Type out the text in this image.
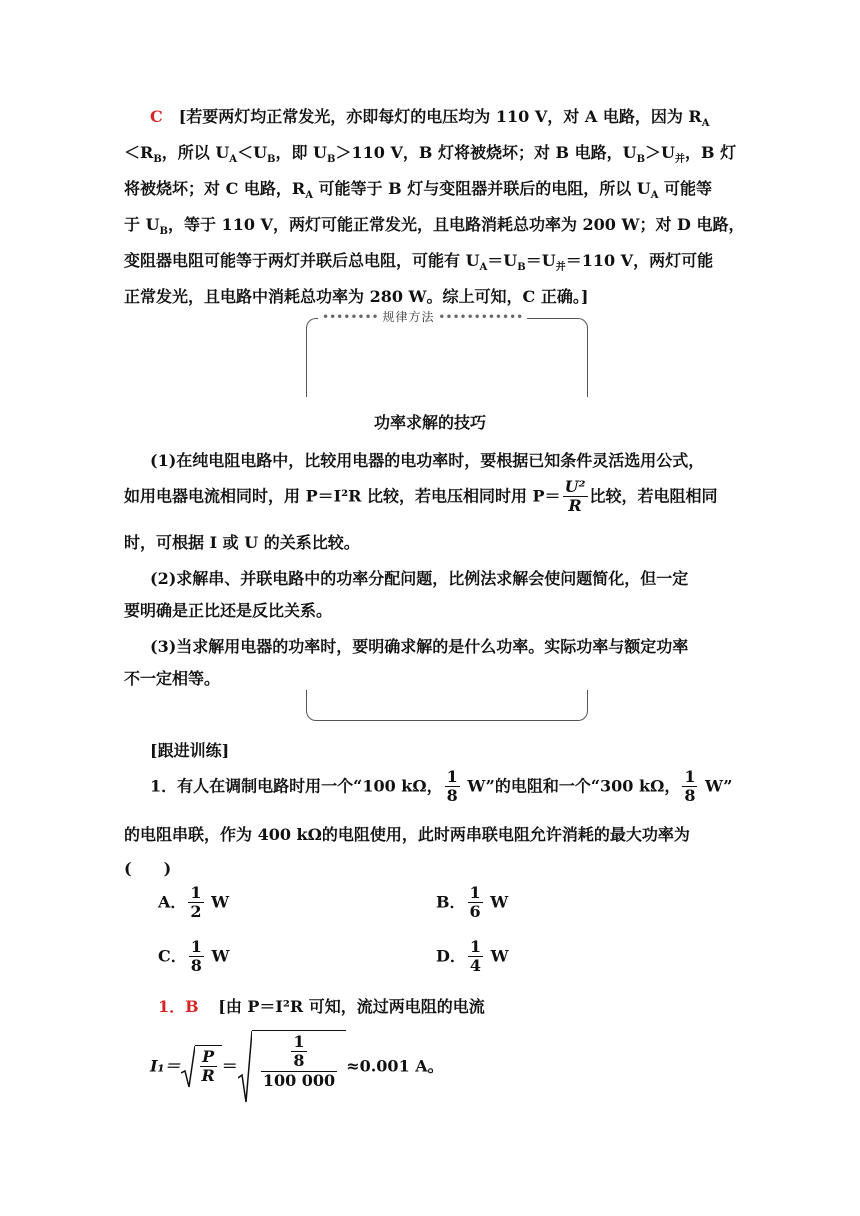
C　[若要两灯均正常发光，亦即每灯的电压均为 110 V，对 A 电路，因为 $R_A$
$<R_B$，所以 $U_A<U_B$，即 $U_B>110$ V，B 灯将被烧坏；对 B 电路，$U_B>U_并$，B 灯
将被烧坏；对 C 电路，$R_A$ 可能等于 B 灯与变阻器并联后的电阻，所以 $U_A$ 可能等
于 $U_B$，等于 110 V，两灯可能正常发光，且电路消耗总功率为 200 W；对 D 电路，
变阻器电阻可能等于两灯并联后总电阻，可能有 $U_A=U_B=U_并=110$ V，两灯可能
正常发光，且电路中消耗总功率为 280 W。综上可知，C 正确。]
•••••••• 规律方法 ••••••••••••
功率求解的技巧
(1)在纯电阻电路中，比较用电器的电功率时，要根据已知条件灵活选用公式，
如用电器电流相同时，用 P＝I²R 比较，若电压相同时用 $P= \frac{\text{U²}}{R}$ 比较，若电阻相同
时，可根据 I 或 U 的关系比较。
(2)求解串、并联电路中的功率分配问题，比例法求解会使问题简化，但一定
要明确是正比还是反比关系。
(3)当求解用电器的功率时，要明确求解的是什么功率。实际功率与额定功率
不一定相等。
[跟进训练]
1．有人在调制电路时用一个“100 kΩ， $\frac{1}{8} W$”的电阻和一个“300 kΩ， $\frac{1}{8} W$”
的电阻串联，作为 400 kΩ的电阻使用，此时两串联电阻允许消耗的最大功率为
(　　)
A． $\frac{1}{2}$ W	B． $\frac{1}{6}$ W
C． $\frac{1}{8}$ W	D． $\frac{1}{4}$ W
1．B [由 P＝I²R 可知，流过两电阻的电流
$I_1= \frac{P}{R} = \frac{\frac{1}{8}}{100 000} \approx 0.001$ A。
